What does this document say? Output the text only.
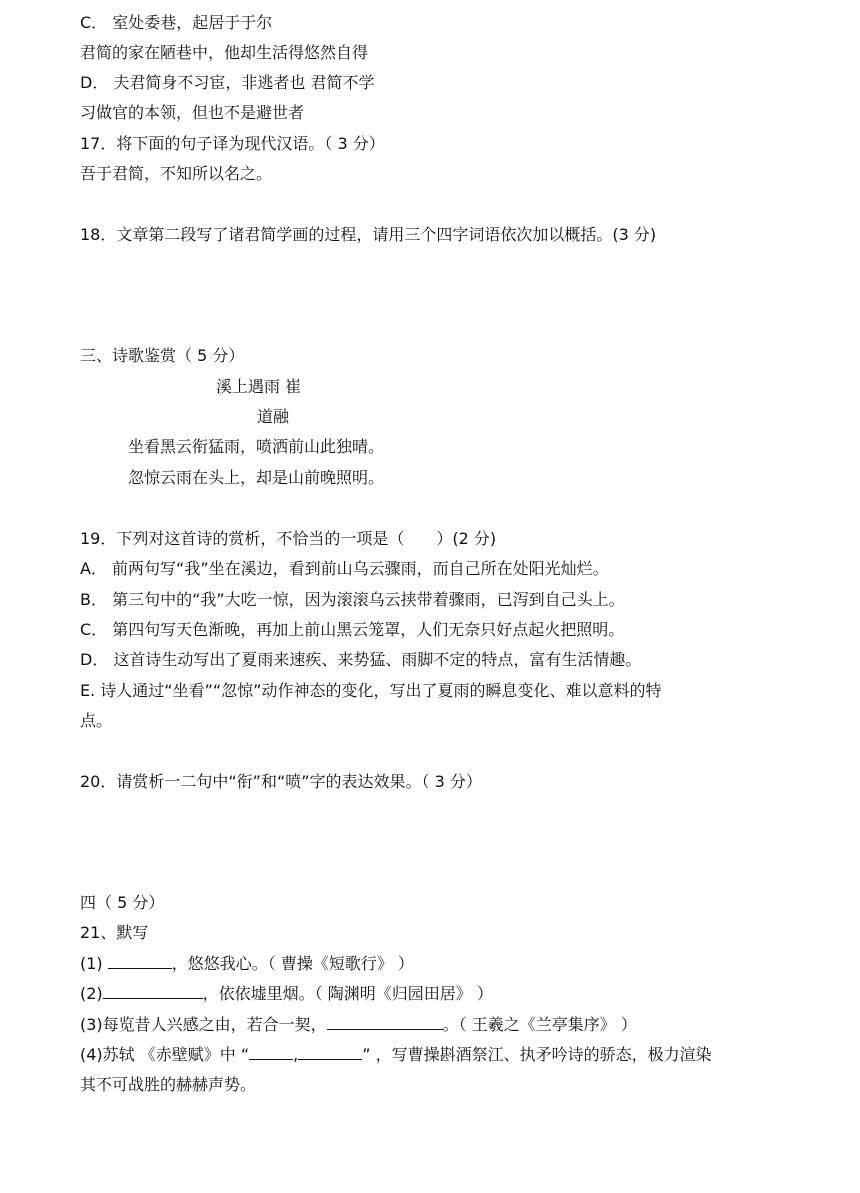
C． 室处委巷，起居于于尔
君简的家在陋巷中，他却生活得悠然自得
D． 夫君简身不习宦，非逃者也 君简不学
习做官的本领，但也不是避世者
17．将下面的句子译为现代汉语。（ 3 分）
吾于君简，不知所以名之。
18．文章第二段写了诸君简学画的过程，请用三个四字词语依次加以概括。(3 分)
三、诗歌鉴赏（ 5 分）
溪上遇雨 崔
道融
坐看黑云衔猛雨，喷洒前山此独晴。
忽惊云雨在头上，却是山前晚照明。
19．下列对这首诗的赏析，不恰当的一项是（　　）(2 分)
A． 前两句写“我”坐在溪边，看到前山乌云骤雨，而自己所在处阳光灿烂。
B． 第三句中的“我”大吃一惊，因为滚滚乌云挟带着骤雨，已泻到自己头上。
C． 第四句写天色渐晚，再加上前山黑云笼罩，人们无奈只好点起火把照明。
D． 这首诗生动写出了夏雨来速疾、来势猛、雨脚不定的特点，富有生活情趣。
E. 诗人通过“坐看”“忽惊”动作神态的变化，写出了夏雨的瞬息变化、难以意料的特
点。
20．请赏析一二句中“衔”和“喷”字的表达效果。（ 3 分）
四（ 5 分）
21、默写
(1)	，悠悠我心。（ 曹操《短歌行》 ）
(2)	，依依墟里烟。（ 陶渊明《归园田居》 ）
(3)每览昔人兴感之由，若合一契，	。（ 王羲之《兰亭集序》 ）
(4)苏轼 《赤壁赋》中 “	,	” ，写曹操斟酒祭江、执矛吟诗的骄态，极力渲染
其不可战胜的赫赫声势。
